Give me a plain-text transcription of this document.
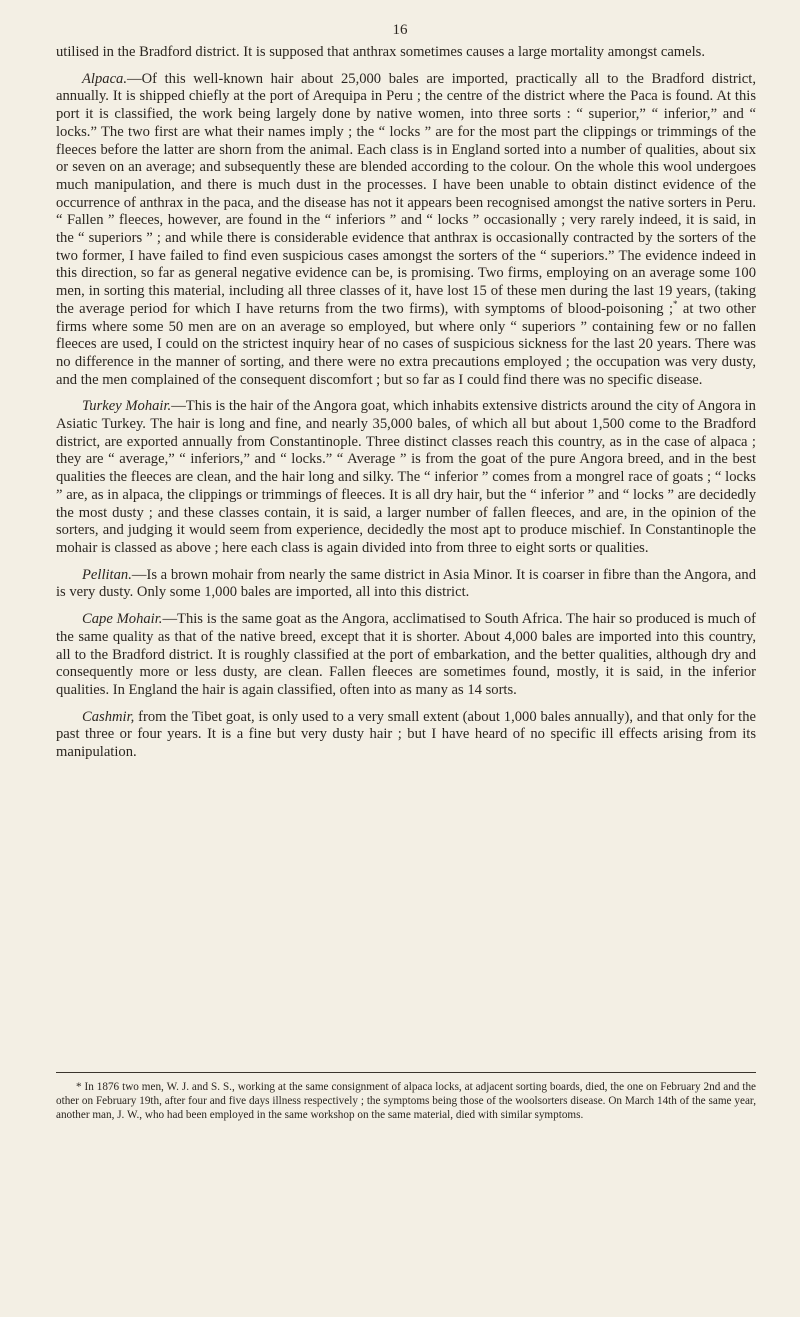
16

utilised in the Bradford district. It is supposed that anthrax sometimes causes a large mortality amongst camels.

Alpaca.—Of this well-known hair about 25,000 bales are imported, practically all to the Bradford district, annually. It is shipped chiefly at the port of Arequipa in Peru ; the centre of the district where the Paca is found. At this port it is classified, the work being largely done by native women, into three sorts : “ superior,” “ inferior,” and “ locks.” The two first are what their names imply ; the “ locks ” are for the most part the clippings or trimmings of the fleeces before the latter are shorn from the animal. Each class is in England sorted into a number of qualities, about six or seven on an average; and subsequently these are blended according to the colour. On the whole this wool undergoes much manipulation, and there is much dust in the processes. I have been unable to obtain distinct evidence of the occurrence of anthrax in the paca, and the disease has not it appears been recognised amongst the native sorters in Peru. “ Fallen ” fleeces, however, are found in the “ inferiors ” and “ locks ” occasionally ; very rarely indeed, it is said, in the “ superiors ” ; and while there is considerable evidence that anthrax is occasionally contracted by the sorters of the two former, I have failed to find even suspicious cases amongst the sorters of the “ superiors.” The evidence indeed in this direction, so far as general negative evidence can be, is promising. Two firms, employing on an average some 100 men, in sorting this material, including all three classes of it, have lost 15 of these men during the last 19 years, (taking the average period for which I have returns from the two firms), with symptoms of blood-poisoning ;* at two other firms where some 50 men are on an average so employed, but where only “ superiors ” containing few or no fallen fleeces are used, I could on the strictest inquiry hear of no cases of suspicious sickness for the last 20 years. There was no difference in the manner of sorting, and there were no extra precautions employed ; the occupation was very dusty, and the men complained of the consequent discomfort ; but so far as I could find there was no specific disease.

Turkey Mohair.—This is the hair of the Angora goat, which inhabits extensive districts around the city of Angora in Asiatic Turkey. The hair is long and fine, and nearly 35,000 bales, of which all but about 1,500 come to the Bradford district, are exported annually from Constantinople. Three distinct classes reach this country, as in the case of alpaca ; they are “ average,” “ inferiors,” and “ locks.” “ Average ” is from the goat of the pure Angora breed, and in the best qualities the fleeces are clean, and the hair long and silky. The “ inferior ” comes from a mongrel race of goats ; “ locks ” are, as in alpaca, the clippings or trimmings of fleeces. It is all dry hair, but the “ inferior ” and “ locks ” are decidedly the most dusty ; and these classes contain, it is said, a larger number of fallen fleeces, and are, in the opinion of the sorters, and judging it would seem from experience, decidedly the most apt to produce mischief. In Constantinople the mohair is classed as above ; here each class is again divided into from three to eight sorts or qualities.

Pellitan.—Is a brown mohair from nearly the same district in Asia Minor. It is coarser in fibre than the Angora, and is very dusty. Only some 1,000 bales are imported, all into this district.

Cape Mohair.—This is the same goat as the Angora, acclimatised to South Africa. The hair so produced is much of the same quality as that of the native breed, except that it is shorter. About 4,000 bales are imported into this country, all to the Bradford district. It is roughly classified at the port of embarkation, and the better qualities, although dry and consequently more or less dusty, are clean. Fallen fleeces are sometimes found, mostly, it is said, in the inferior qualities. In England the hair is again classified, often into as many as 14 sorts.

Cashmir, from the Tibet goat, is only used to a very small extent (about 1,000 bales annually), and that only for the past three or four years. It is a fine but very dusty hair ; but I have heard of no specific ill effects arising from its manipulation.

* In 1876 two men, W. J. and S. S., working at the same consignment of alpaca locks, at adjacent sorting boards, died, the one on February 2nd and the other on February 19th, after four and five days illness respectively ; the symptoms being those of the woolsorters disease. On March 14th of the same year, another man, J. W., who had been employed in the same workshop on the same material, died with similar symptoms.
